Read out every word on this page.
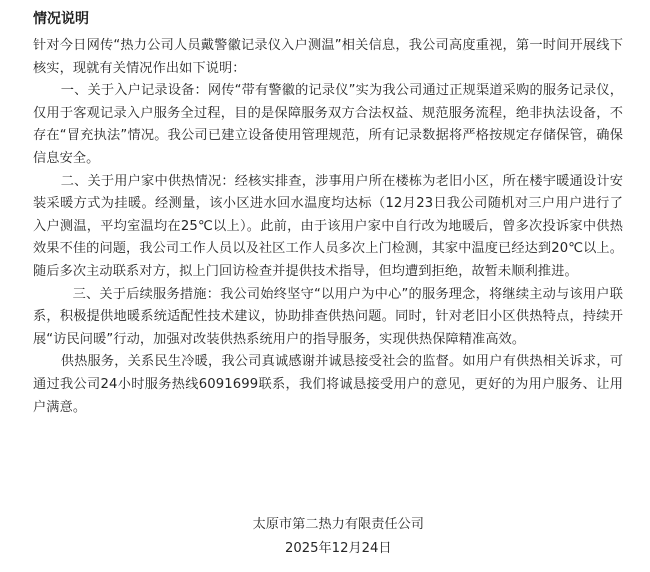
情况说明

针对今日网传“热力公司人员戴警徽记录仪入户测温”相关信息，我公司高度重视，第一时间开展线下核实，现就有关情况作出如下说明：

一、关于入户记录设备：网传“带有警徽的记录仪”实为我公司通过正规渠道采购的服务记录仪，仅用于客观记录入户服务全过程，目的是保障服务双方合法权益、规范服务流程，绝非执法设备，不存在“冒充执法”情况。我公司已建立设备使用管理规范，所有记录数据将严格按规定存储保管，确保信息安全。

二、关于用户家中供热情况：经核实排查，涉事用户所在楼栋为老旧小区，所在楼宇暖通设计安装采暖方式为挂暖。经测量，该小区进水回水温度均达标（12月23日我公司随机对三户用户进行了入户测温，平均室温均在25℃以上）。此前，由于该用户家中自行改为地暖后，曾多次投诉家中供热效果不佳的问题，我公司工作人员以及社区工作人员多次上门检测，其家中温度已经达到20℃以上。随后多次主动联系对方，拟上门回访检查并提供技术指导，但均遭到拒绝，故暂未顺利推进。

三、关于后续服务措施：我公司始终坚守“以用户为中心”的服务理念，将继续主动与该用户联系，积极提供地暖系统适配性技术建议，协助排查供热问题。同时，针对老旧小区供热特点，持续开展“访民问暖”行动，加强对改装供热系统用户的指导服务，实现供热保障精准高效。

供热服务，关系民生冷暖，我公司真诚感谢并诚恳接受社会的监督。如用户有供热相关诉求，可通过我公司24小时服务热线6091699联系，我们将诚恳接受用户的意见，更好的为用户服务、让用户满意。

太原市第二热力有限责任公司
2025年12月24日
